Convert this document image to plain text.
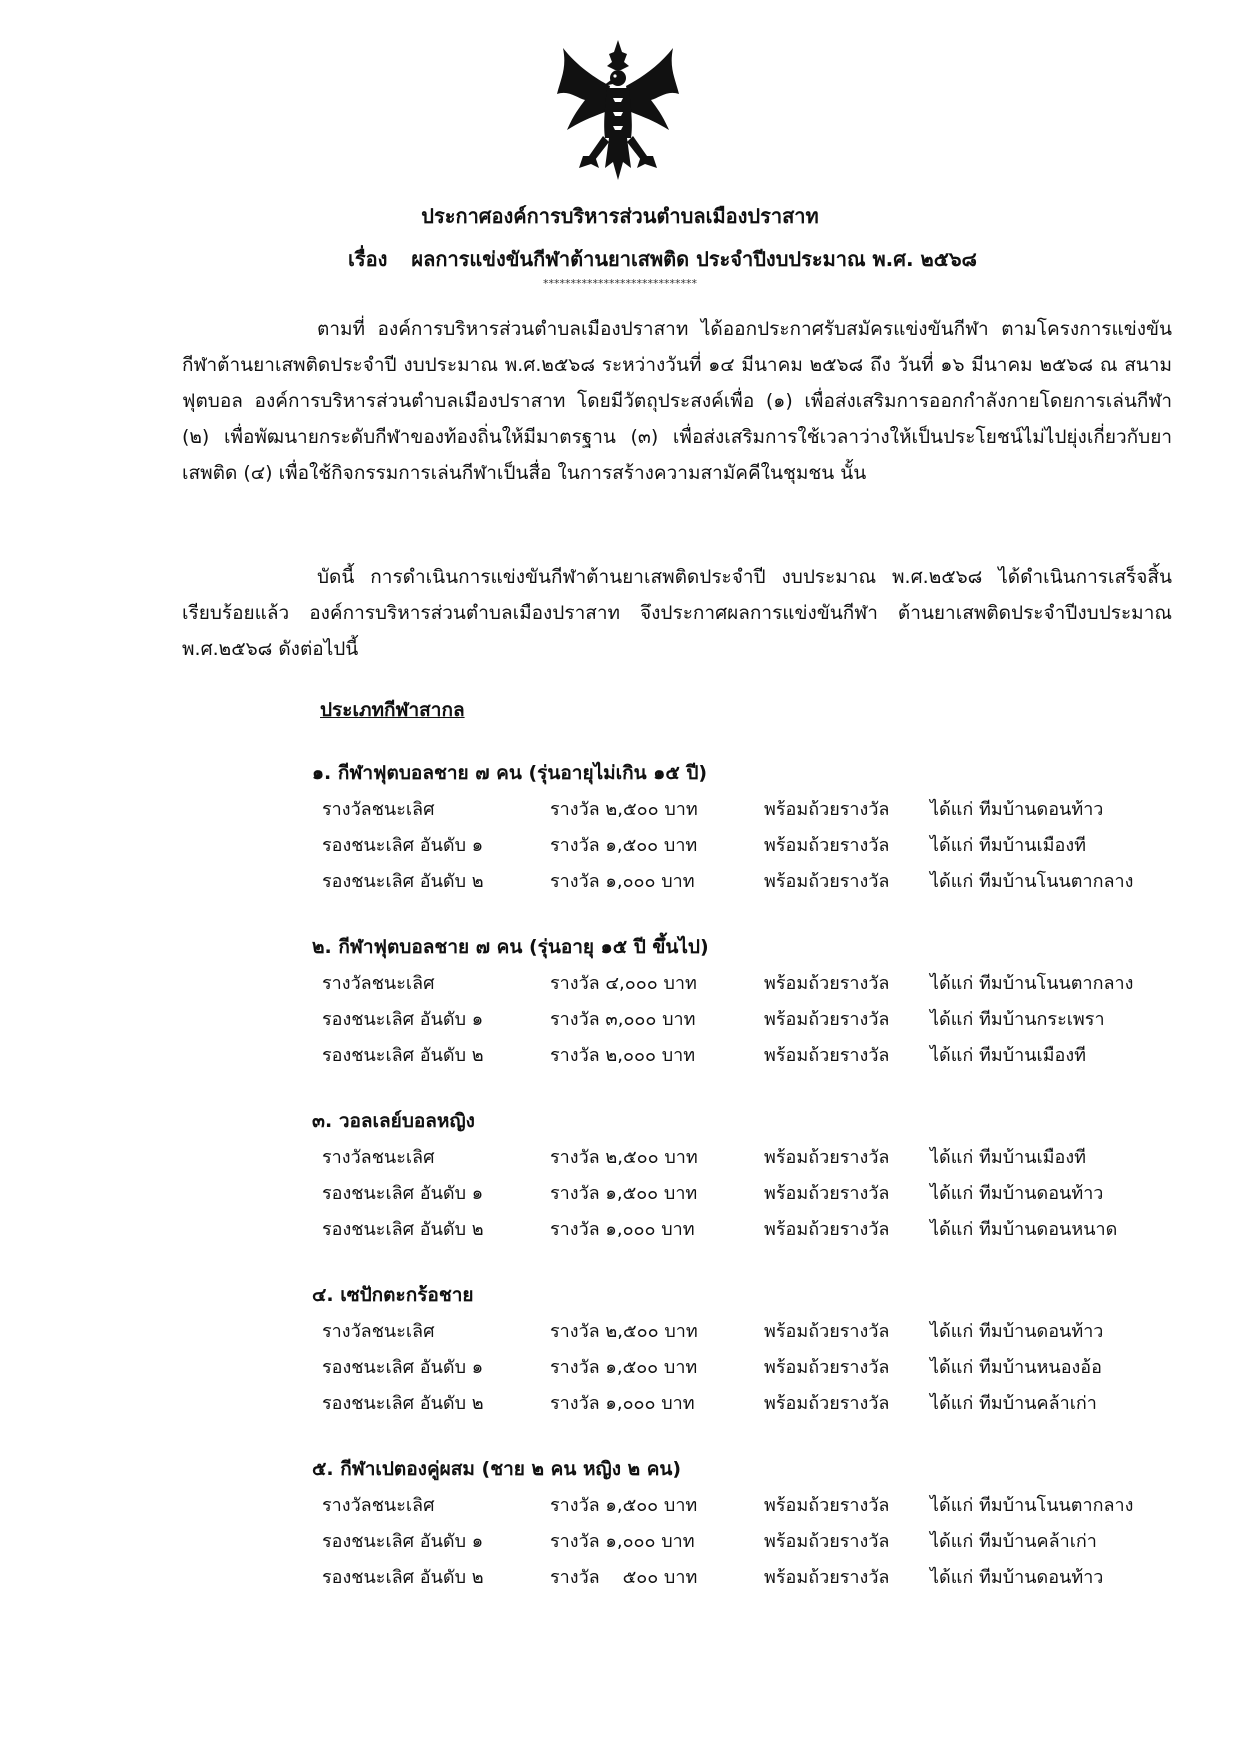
ประกาศองค์การบริหารส่วนตำบลเมืองปราสาท
เรื่อง ผลการแข่งขันกีฬาต้านยาเสพติด ประจำปีงบประมาณ พ.ศ. ๒๕๖๘
****************************
ตามที่ องค์การบริหารส่วนตำบลเมืองปราสาท ได้ออกประกาศรับสมัครแข่งขันกีฬา ตามโครงการแข่งขันกีฬาต้านยาเสพติดประจำปี งบประมาณ พ.ศ.๒๕๖๘ ระหว่างวันที่ ๑๔ มีนาคม ๒๕๖๘ ถึง วันที่ ๑๖ มีนาคม ๒๕๖๘ ณ สนามฟุตบอล องค์การบริหารส่วนตำบลเมืองปราสาท โดยมีวัตถุประสงค์เพื่อ (๑) เพื่อส่งเสริมการออกกำลังกายโดยการเล่นกีฬา (๒) เพื่อพัฒนายกระดับกีฬาของท้องถิ่นให้มีมาตรฐาน (๓) เพื่อส่งเสริมการใช้เวลาว่างให้เป็นประโยชน์ไม่ไปยุ่งเกี่ยวกับยาเสพติด (๔) เพื่อใช้กิจกรรมการเล่นกีฬาเป็นสื่อ ในการสร้างความสามัคคีในชุมชน นั้น
บัดนี้ การดำเนินการแข่งขันกีฬาต้านยาเสพติดประจำปี งบประมาณ พ.ศ.๒๕๖๘ ได้ดำเนินการเสร็จสิ้นเรียบร้อยแล้ว องค์การบริหารส่วนตำบลเมืองปราสาท จึงประกาศผลการแข่งขันกีฬา ต้านยาเสพติดประจำปีงบประมาณ พ.ศ.๒๕๖๘ ดังต่อไปนี้
ประเภทกีฬาสากล
๑. กีฬาฟุตบอลชาย ๗ คน (รุ่นอายุไม่เกิน ๑๕ ปี)
รางวัลชนะเลิศ	รางวัล ๒,๕๐๐ บาท	พร้อมถ้วยรางวัล ได้แก่ ทีมบ้านดอนท้าว
รองชนะเลิศ อันดับ ๑	รางวัล ๑,๕๐๐ บาท	พร้อมถ้วยรางวัล ได้แก่ ทีมบ้านเมืองที
รองชนะเลิศ อันดับ ๒	รางวัล ๑,๐๐๐ บาท	พร้อมถ้วยรางวัล ได้แก่ ทีมบ้านโนนตากลาง
๒. กีฬาฟุตบอลชาย ๗ คน (รุ่นอายุ ๑๕ ปี ขึ้นไป)
รางวัลชนะเลิศ	รางวัล ๔,๐๐๐ บาท	พร้อมถ้วยรางวัล ได้แก่ ทีมบ้านโนนตากลาง
รองชนะเลิศ อันดับ ๑	รางวัล ๓,๐๐๐ บาท	พร้อมถ้วยรางวัล ได้แก่ ทีมบ้านกระเพรา
รองชนะเลิศ อันดับ ๒	รางวัล ๒,๐๐๐ บาท	พร้อมถ้วยรางวัล ได้แก่ ทีมบ้านเมืองที
๓. วอลเลย์บอลหญิง
รางวัลชนะเลิศ	รางวัล ๒,๕๐๐ บาท	พร้อมถ้วยรางวัล ได้แก่ ทีมบ้านเมืองที
รองชนะเลิศ อันดับ ๑	รางวัล ๑,๕๐๐ บาท	พร้อมถ้วยรางวัล ได้แก่ ทีมบ้านดอนท้าว
รองชนะเลิศ อันดับ ๒	รางวัล ๑,๐๐๐ บาท	พร้อมถ้วยรางวัล ได้แก่ ทีมบ้านดอนหนาด
๔. เซปักตะกร้อชาย
รางวัลชนะเลิศ	รางวัล ๒,๕๐๐ บาท	พร้อมถ้วยรางวัล ได้แก่ ทีมบ้านดอนท้าว
รองชนะเลิศ อันดับ ๑	รางวัล ๑,๕๐๐ บาท	พร้อมถ้วยรางวัล ได้แก่ ทีมบ้านหนองอ้อ
รองชนะเลิศ อันดับ ๒	รางวัล ๑,๐๐๐ บาท	พร้อมถ้วยรางวัล ได้แก่ ทีมบ้านคล้าเก่า
๕. กีฬาเปตองคู่ผสม (ชาย ๒ คน หญิง ๒ คน)
รางวัลชนะเลิศ	รางวัล ๑,๕๐๐ บาท	พร้อมถ้วยรางวัล ได้แก่ ทีมบ้านโนนตากลาง
รองชนะเลิศ อันดับ ๑	รางวัล ๑,๐๐๐ บาท	พร้อมถ้วยรางวัล ได้แก่ ทีมบ้านคล้าเก่า
รองชนะเลิศ อันดับ ๒	รางวัล    ๕๐๐ บาท	พร้อมถ้วยรางวัล ได้แก่ ทีมบ้านดอนท้าว
